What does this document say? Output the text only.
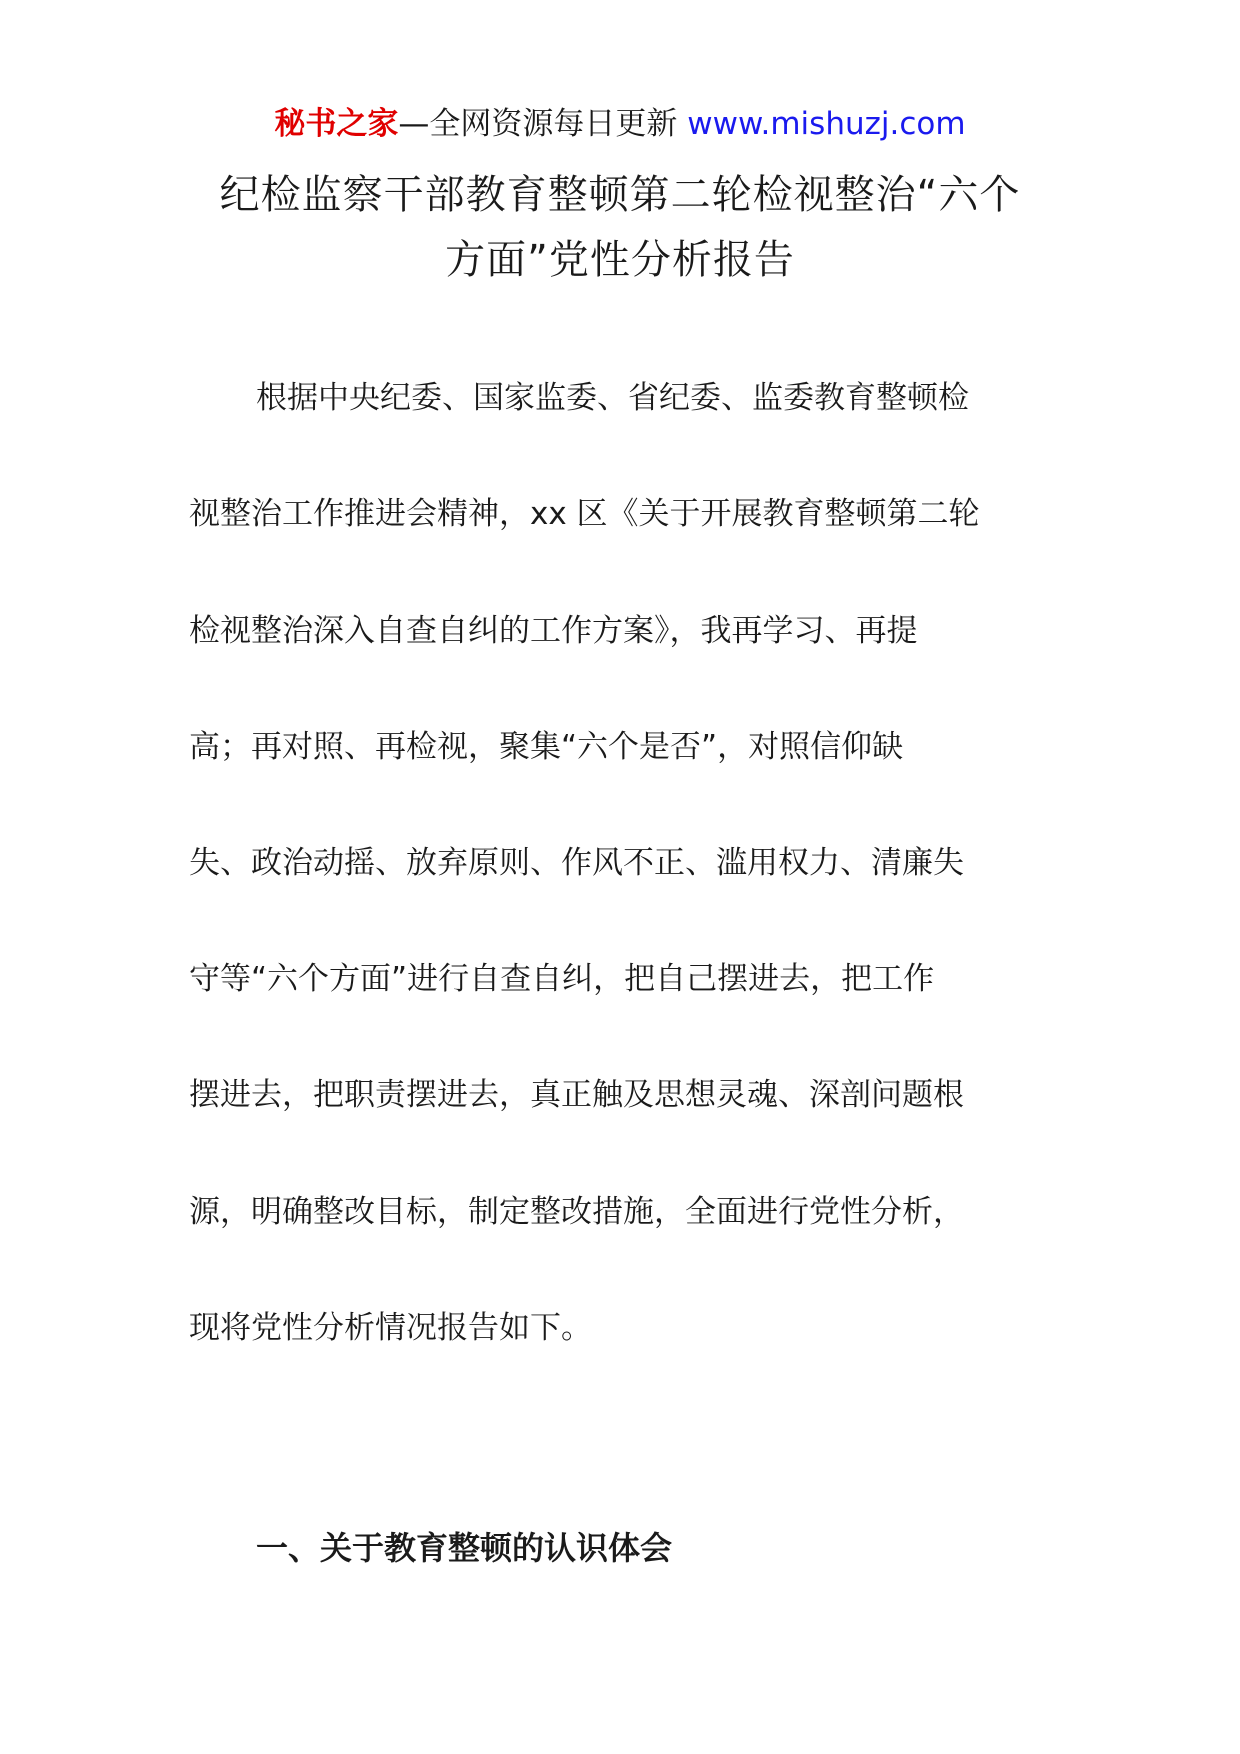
秘书之家—全网资源每日更新 www.mishuzj.com
纪检监察干部教育整顿第二轮检视整治“六个
方面”党性分析报告
根据中央纪委、国家监委、省纪委、监委教育整顿检
视整治工作推进会精神，xx 区《关于开展教育整顿第二轮
检视整治深入自查自纠的工作方案》，我再学习、再提
高；再对照、再检视，聚集“六个是否”，对照信仰缺
失、政治动摇、放弃原则、作风不正、滥用权力、清廉失
守等“六个方面”进行自查自纠，把自己摆进去，把工作
摆进去，把职责摆进去，真正触及思想灵魂、深剖问题根
源，明确整改目标，制定整改措施，全面进行党性分析，
现将党性分析情况报告如下。
一、关于教育整顿的认识体会
